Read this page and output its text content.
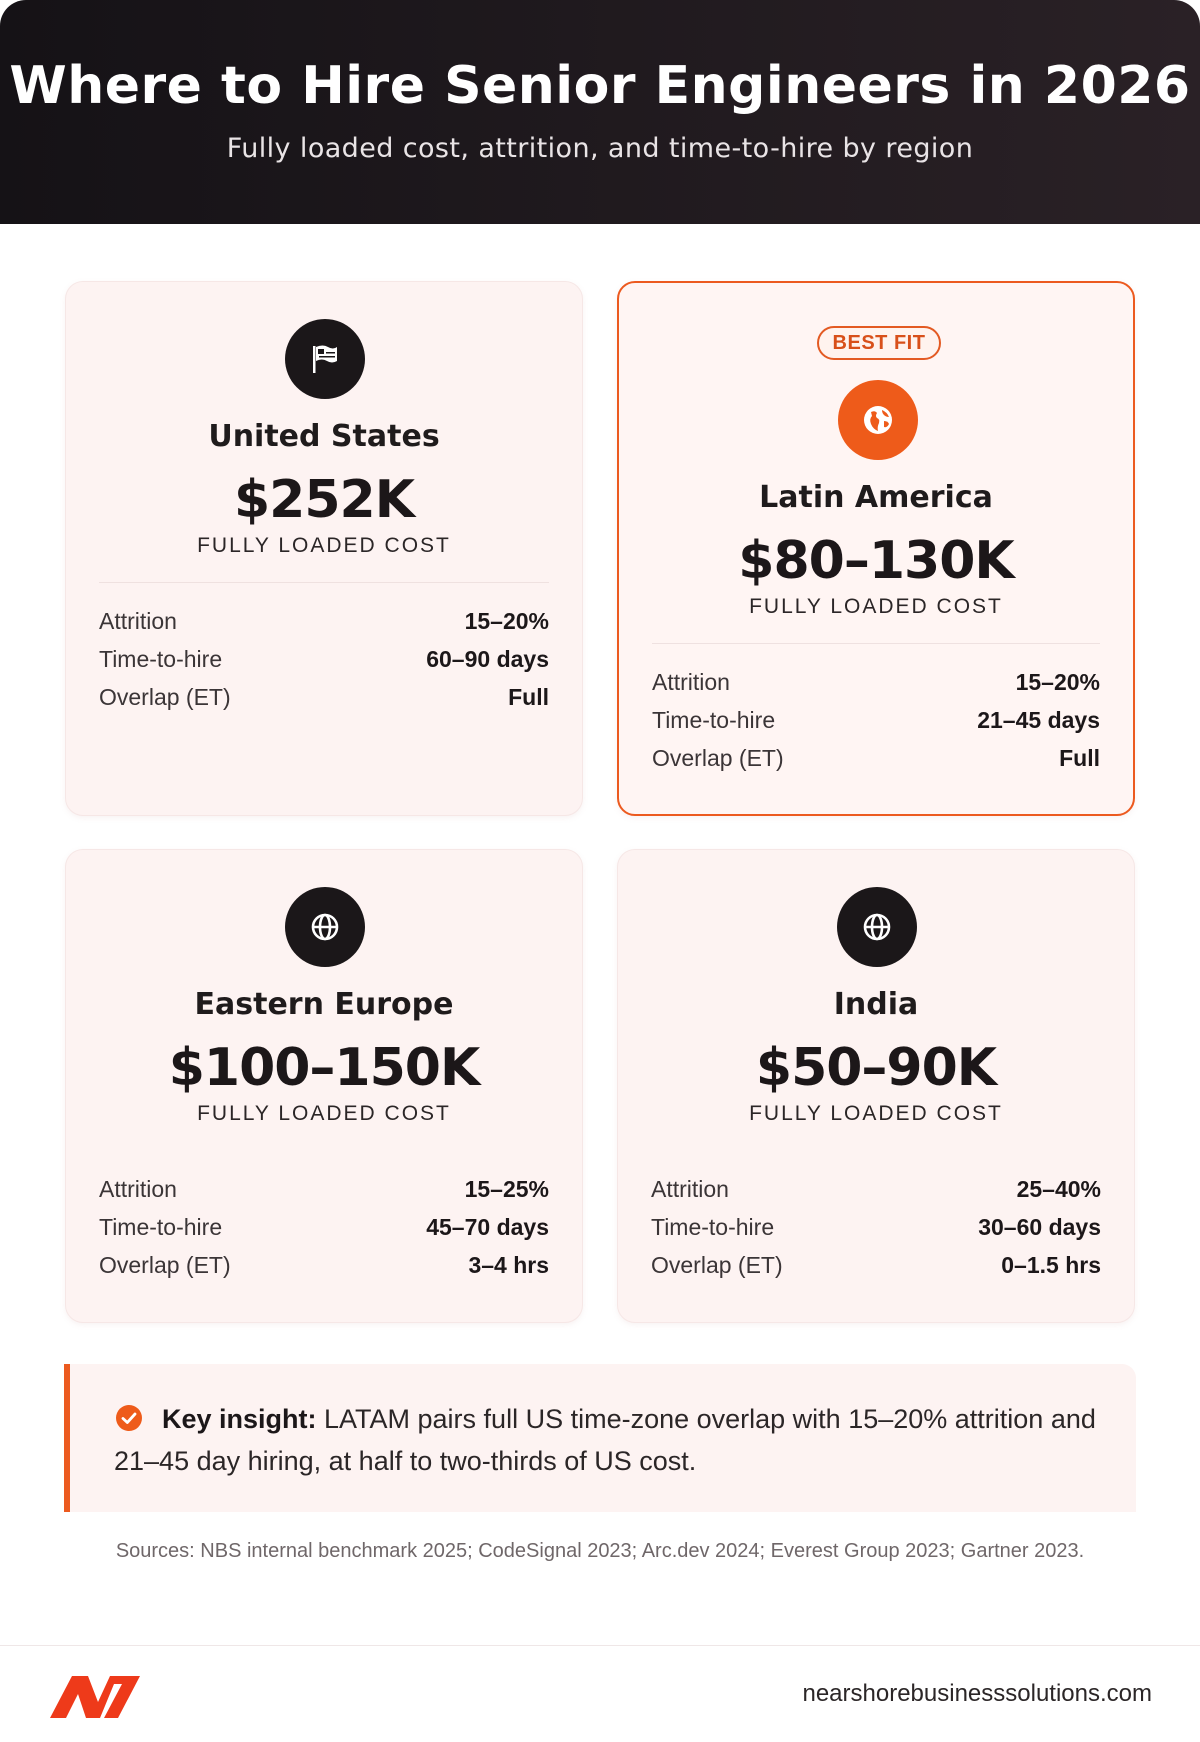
Where to Hire Senior Engineers in 2026
Fully loaded cost, attrition, and time-to-hire by region
United States
$252K
FULLY LOADED COST
Attrition	15–20%
Time-to-hire	60–90 days
Overlap (ET)	Full
BEST FIT
Latin America
$80–130K
FULLY LOADED COST
Attrition	15–20%
Time-to-hire	21–45 days
Overlap (ET)	Full
Eastern Europe
$100–150K
FULLY LOADED COST
Attrition	15–25%
Time-to-hire	45–70 days
Overlap (ET)	3–4 hrs
India
$50–90K
FULLY LOADED COST
Attrition	25–40%
Time-to-hire	30–60 days
Overlap (ET)	0–1.5 hrs

Key insight: LATAM pairs full US time-zone overlap with 15–20% attrition and 21–45 day hiring, at half to two-thirds of US cost.

Sources: NBS internal benchmark 2025; CodeSignal 2023; Arc.dev 2024; Everest Group 2023; Gartner 2023.
nearshorebusinesssolutions.com
